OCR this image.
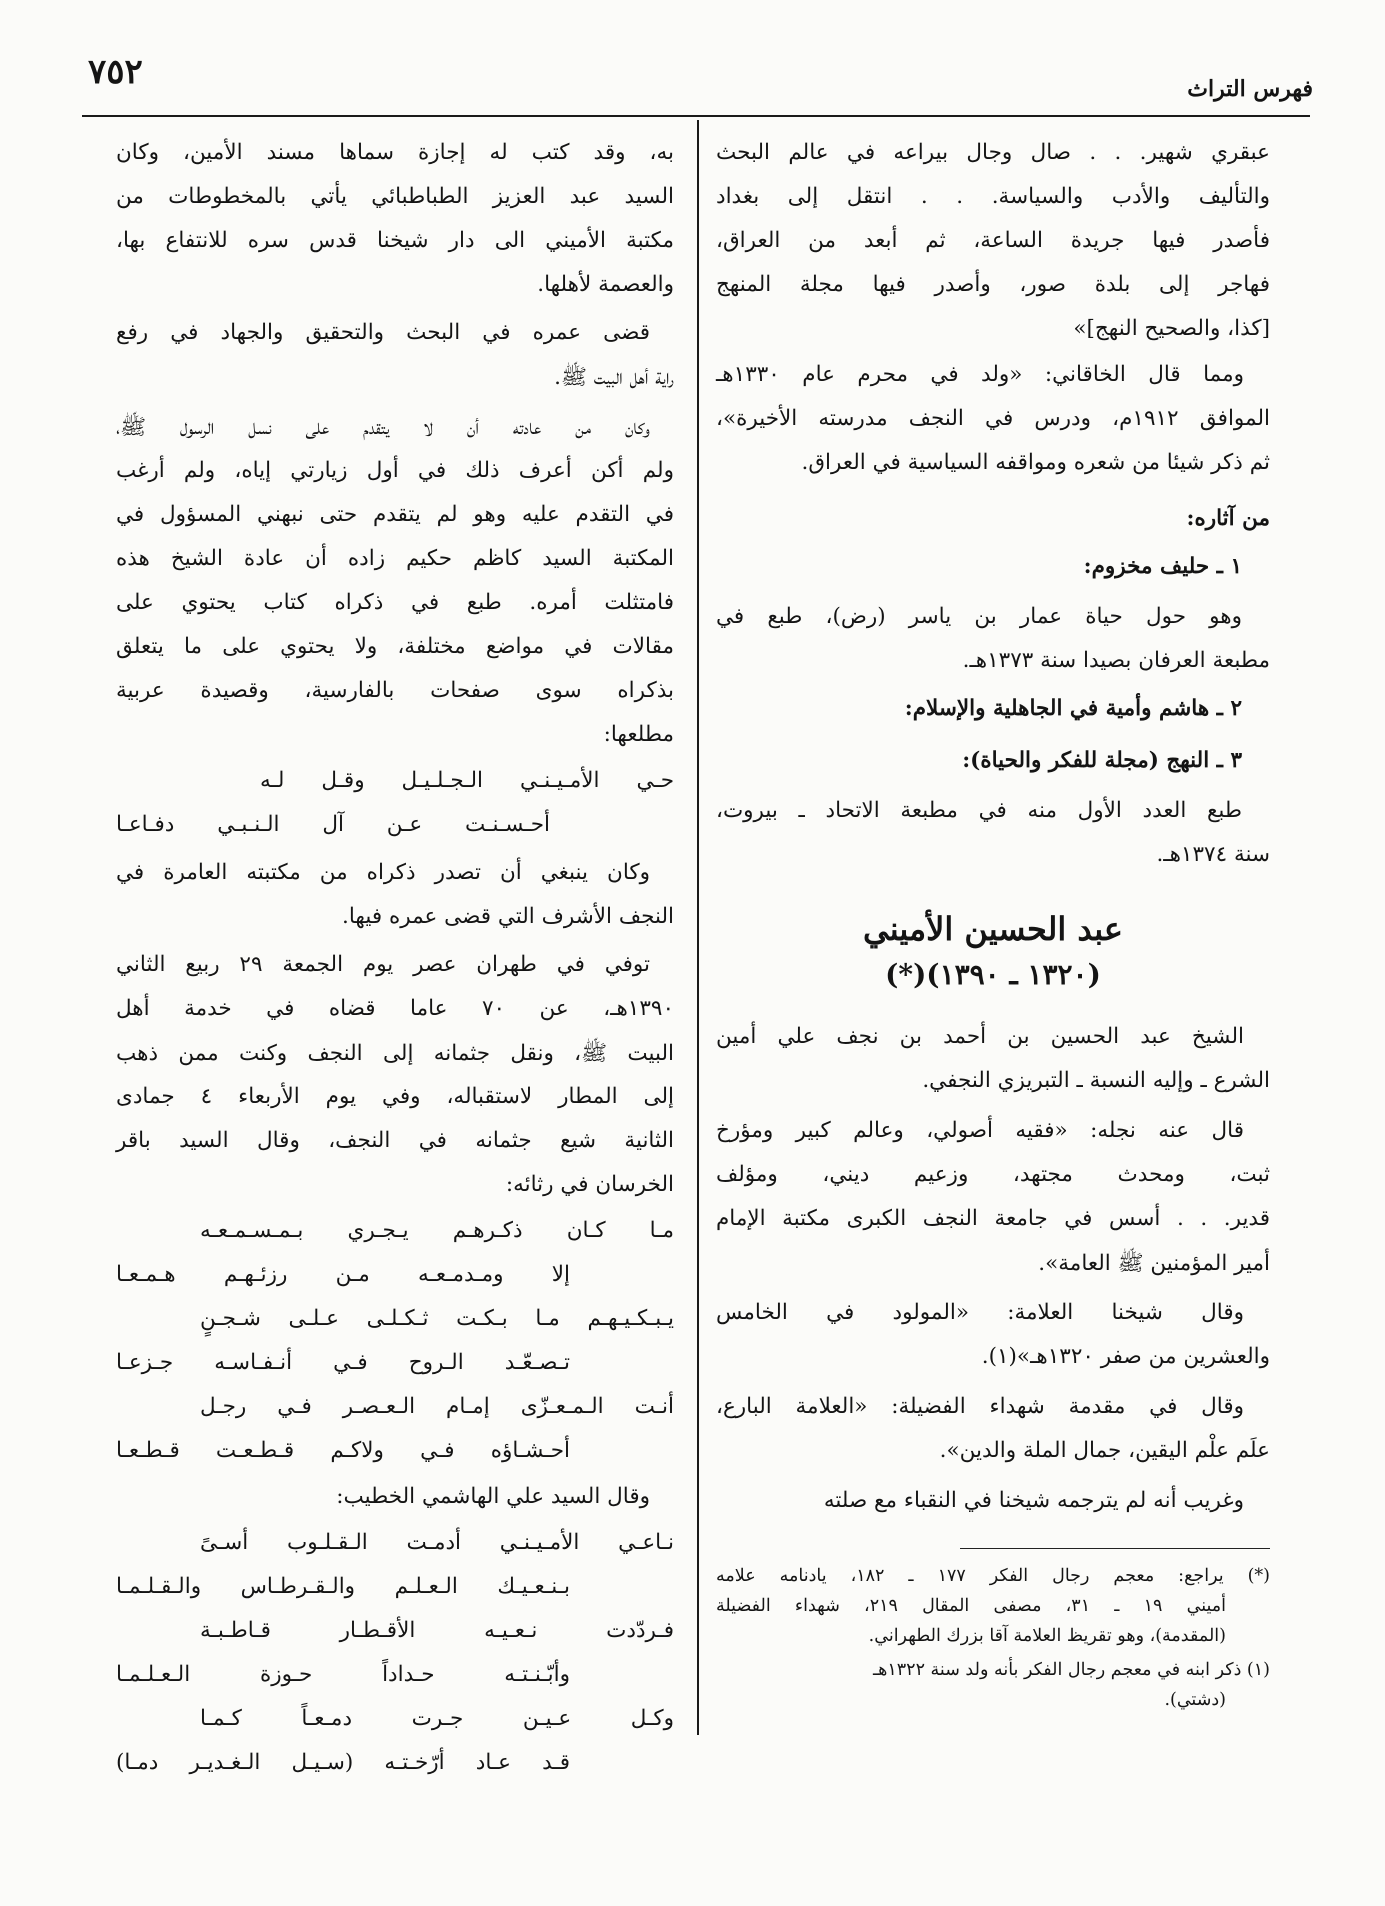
٧٥٢	فهرس التراث
عبقري شهير. . . صال وجال بيراعه في عالم البحث
والتأليف والأدب والسياسة. . . انتقل إلى بغداد
فأصدر فيها جريدة الساعة، ثم أبعد من العراق،
فهاجر إلى بلدة صور، وأصدر فيها مجلة المنهج
[كذا، والصحيح النهج]»
ومما قال الخاقاني: «ولد في محرم عام ١٣٣٠هـ
الموافق ١٩١٢م، ودرس في النجف مدرسته الأخيرة»،
ثم ذكر شيئا من شعره ومواقفه السياسية في العراق.
من آثاره:
١ ـ حليف مخزوم:
وهو حول حياة عمار بن ياسر (رض)، طبع في
مطبعة العرفان بصيدا سنة ١٣٧٣هـ.
٢ ـ هاشم وأمية في الجاهلية والإسلام:
٣ ـ النهج (مجلة للفكر والحياة):
طبع العدد الأول منه في مطبعة الاتحاد ـ بيروت،
سنة ١٣٧٤هـ.
عبد الحسين الأميني
(١٣٢٠ ـ ١٣٩٠)(*)
الشيخ عبد الحسين بن أحمد بن نجف علي أمين
الشرع ـ وإليه النسبة ـ التبريزي النجفي.
قال عنه نجله: «فقيه أصولي، وعالم كبير ومؤرخ
ثبت، ومحدث مجتهد، وزعيم ديني، ومؤلف
قدير. . . أسس في جامعة النجف الكبرى مكتبة الإمام
أمير المؤمنين ﷺ العامة».
وقال شيخنا العلامة: «المولود في الخامس
والعشرين من صفر ١٣٢٠هـ»(١).
وقال في مقدمة شهداء الفضيلة: «العلامة البارع،
علَم علْم اليقين، جمال الملة والدين».
وغريب أنه لم يترجمه شيخنا في النقباء مع صلته
(*) يراجع: معجم رجال الفكر ١٧٧ ـ ١٨٢، يادنامه علامه
أميني ١٩ ـ ٣١، مصفى المقال ٢١٩، شهداء الفضيلة
(المقدمة)، وهو تقريظ العلامة آقا بزرك الطهراني.
(١) ذكر ابنه في معجم رجال الفكر بأنه ولد سنة ١٣٢٢هـ
(دشتي).
به، وقد كتب له إجازة سماها مسند الأمين، وكان
السيد عبد العزيز الطباطبائي يأتي بالمخطوطات من
مكتبة الأميني الى دار شيخنا قدس سره للانتفاع بها،
والعصمة لأهلها.
قضى عمره في البحث والتحقيق والجهاد في رفع
راية أهل البيت ﷺ.
وكان من عادته أن لا يتقدم على نسل الرسول ﷺ،
ولم أكن أعرف ذلك في أول زيارتي إياه، ولم أرغب
في التقدم عليه وهو لم يتقدم حتى نبهني المسؤول في
المكتبة السيد كاظم حكيم زاده أن عادة الشيخ هذه
فامتثلت أمره. طبع في ذكراه كتاب يحتوي على
مقالات في مواضع مختلفة، ولا يحتوي على ما يتعلق
بذكراه سوى صفحات بالفارسية، وقصيدة عربية
مطلعها:
حـي الأمـيـنـي الـجـلـيـل وقـل لـه
أحـسـنـت عـن آل الـنـبـي دفـاعـا
وكان ينبغي أن تصدر ذكراه من مكتبته العامرة في
النجف الأشرف التي قضى عمره فيها.
توفي في طهران عصر يوم الجمعة ٢٩ ربيع الثاني
١٣٩٠هـ، عن ٧٠ عاما قضاه في خدمة أهل
البيت ﷺ، ونقل جثمانه إلى النجف وكنت ممن ذهب
إلى المطار لاستقباله، وفي يوم الأربعاء ٤ جمادى
الثانية شيع جثمانه في النجف، وقال السيد باقر
الخرسان في رثائه:
مـا كـان ذكـرهـم يـجـري بـمـسـمـعـه
إلا ومـدمـعـه مـن رزئـهـم هـمـعـا
يـبـكـيـهـم مـا بـكـت ثـكـلـى عـلـى شـجـنٍ
تـصـعّـد الـروح فـي أنـفـاسـه جـزعـا
أنـت الـمـعـزّى إمـام الـعـصـر فـي رجـل
أحـشـاؤه فـي ولاكـم قـطـعـت قـطـعـا
وقال السيد علي الهاشمي الخطيب:
نـاعـي الأمـيـنـي أدمـت الـقـلـوب أسـىً
بـنـعـيـك الـعـلـم والـقـرطـاس والـقـلـمـا
فـردّدت نـعـيـه الأقـطـار قـاطـبـة
وأبّـنـتـه حـداداً حـوزة الـعـلـمـا
وكـل عـيـن جـرت دمـعـاً كـمـا
قـد عـاد أرّخـتـه (سـيـل الـغـديـر دمـا)
